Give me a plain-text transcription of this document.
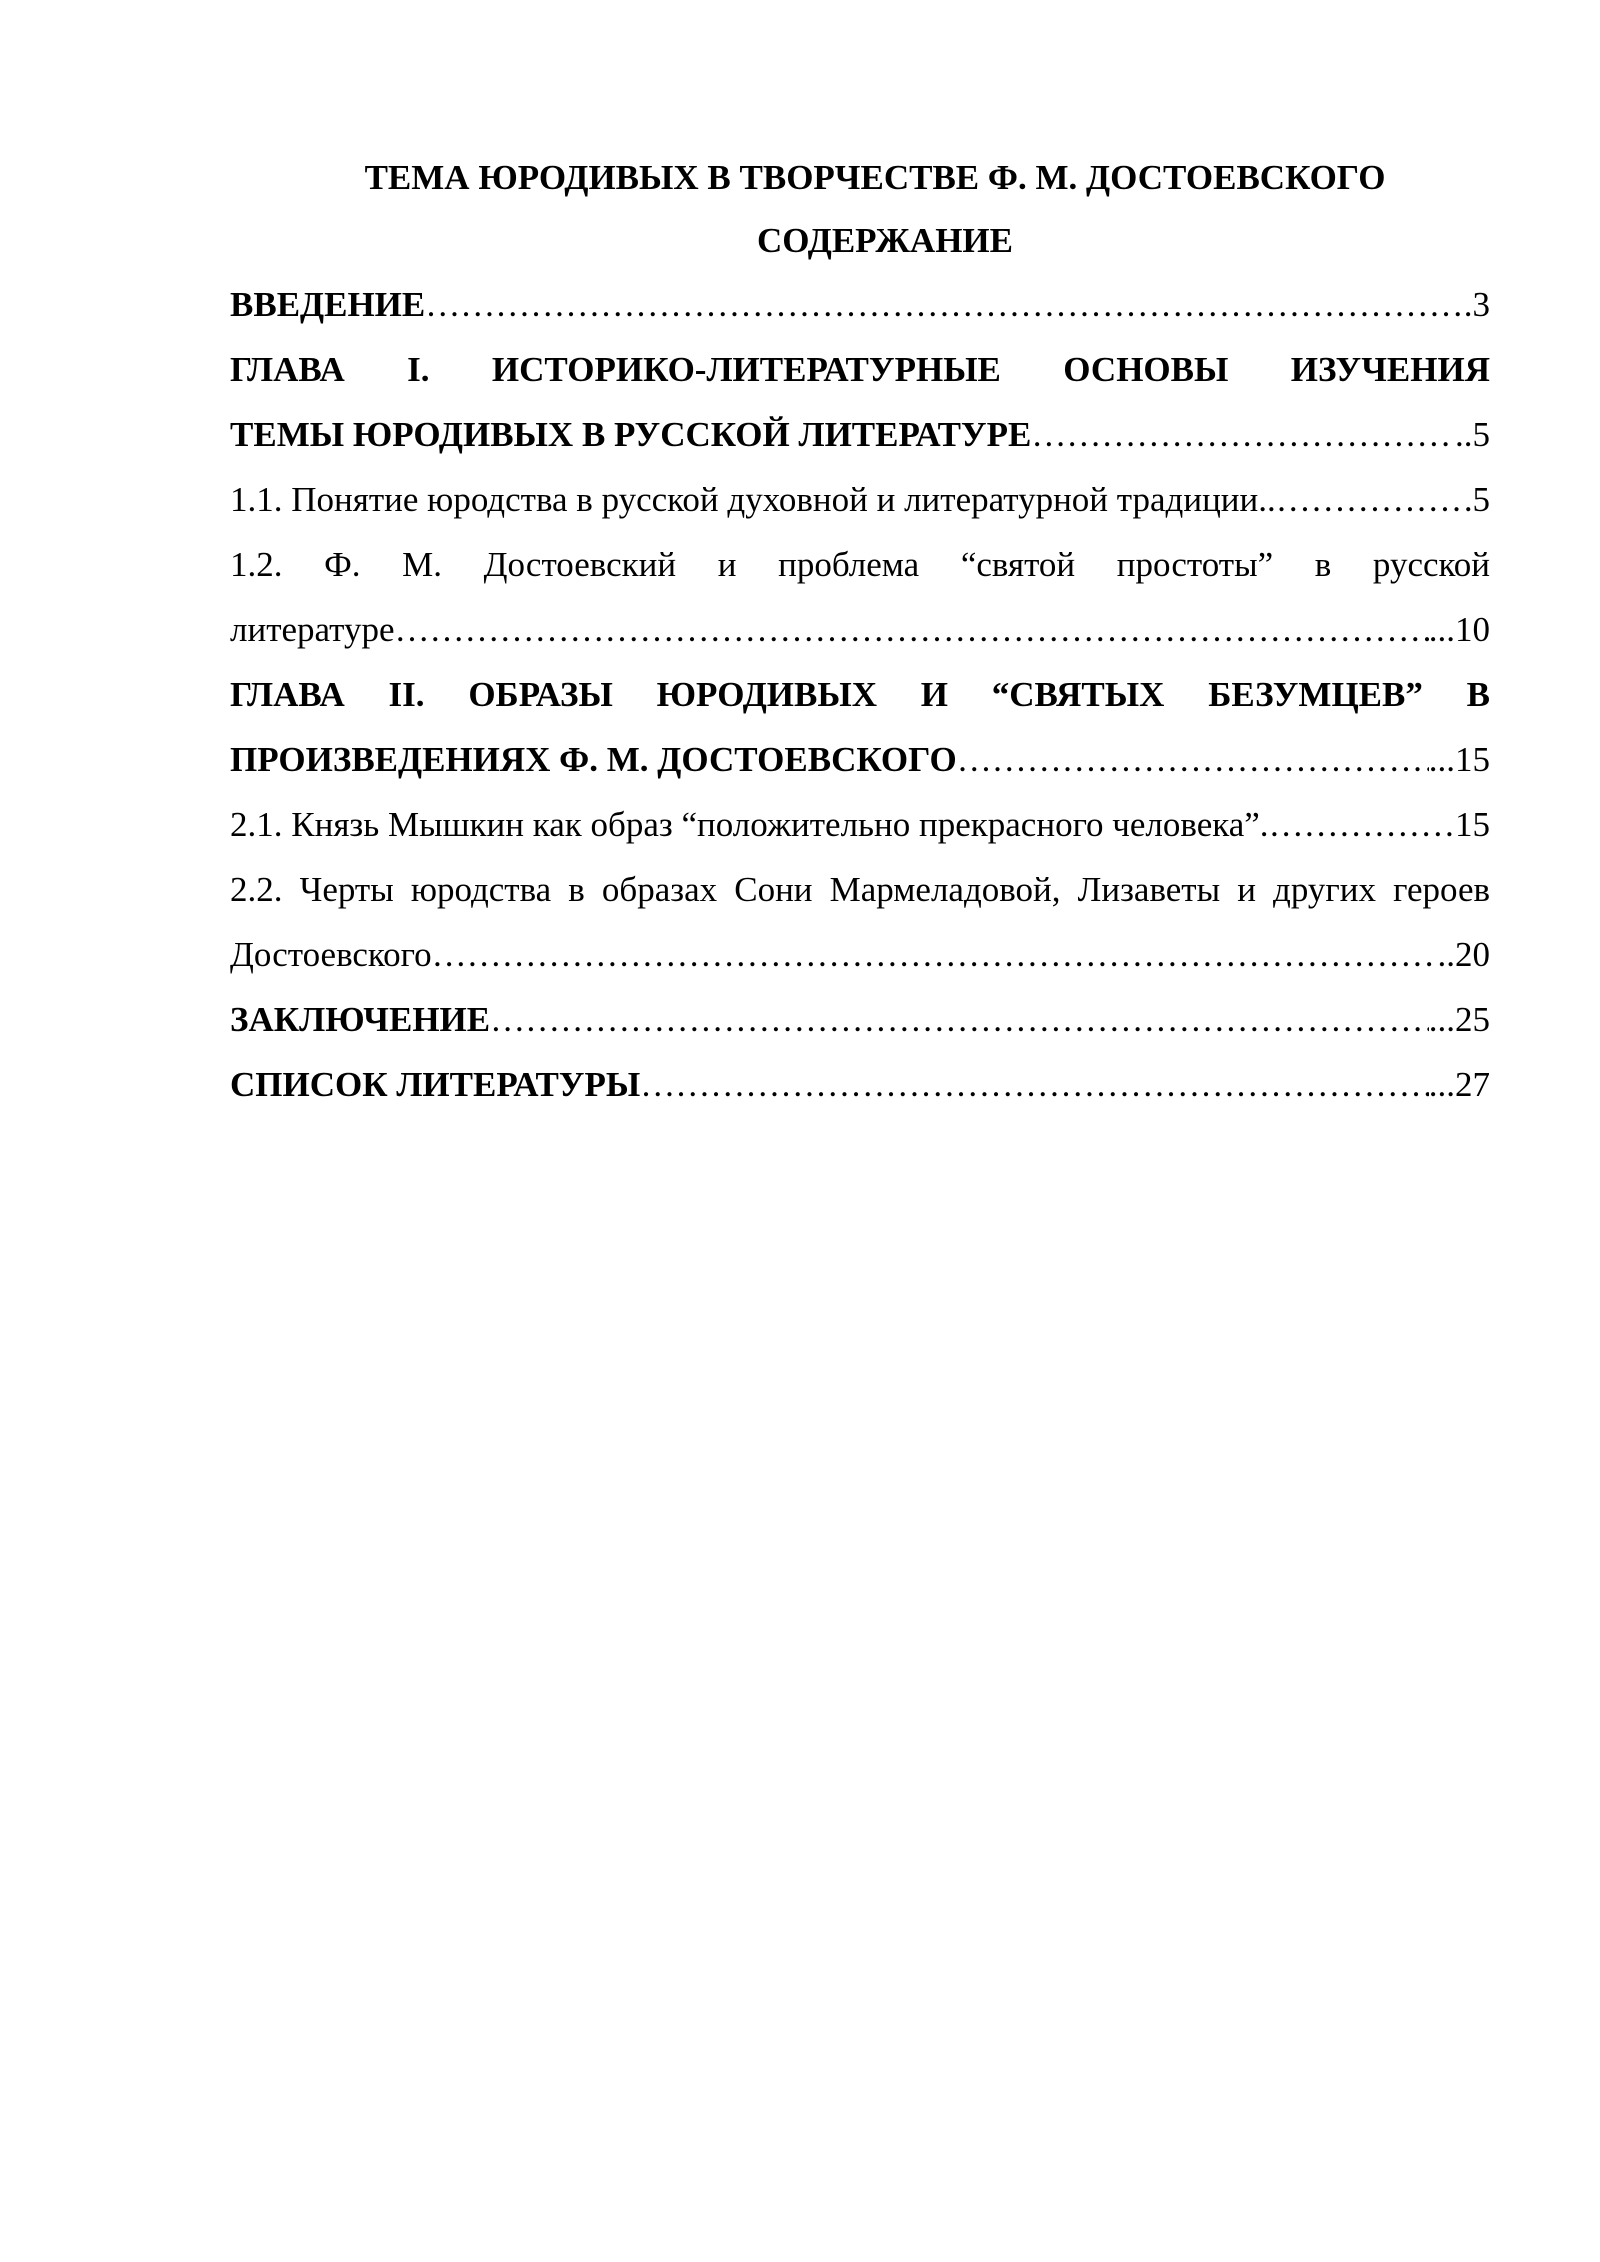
ТЕМА ЮРОДИВЫХ В ТВОРЧЕСТВЕ Ф. М. ДОСТОЕВСКОГО
СОДЕРЖАНИЕ
ВВЕДЕНИЕ ……………………………………………………………………………………………………………………………………………………	.3
ГЛАВА I. ИСТОРИКО-ЛИТЕРАТУРНЫЕ ОСНОВЫ ИЗУЧЕНИЯ
ТЕМЫ ЮРОДИВЫХ В РУССКОЙ ЛИТЕРАТУРЕ ……………………………………………………………………………………………………………………………………………………	..5
1.1. Понятие юродства в русской духовной и литературной традиции.. ……………………………………………………………………………………………………………………………………………………	5
1.2. Ф. М. Достоевский и проблема “святой простоты” в русской
литературе ……………………………………………………………………………………………………………………………………………………	...10
ГЛАВА II. ОБРАЗЫ ЮРОДИВЫХ И “СВЯТЫХ БЕЗУМЦЕВ” В
ПРОИЗВЕДЕНИЯХ Ф. М. ДОСТОЕВСКОГО ……………………………………………………………………………………………………………………………………………………	...15
2.1. Князь Мышкин как образ “положительно прекрасного человека”. ……………………………………………………………………………………………………………………………………………………	15
2.2. Черты юродства в образах Сони Мармеладовой, Лизаветы и других героев
Достоевского ……………………………………………………………………………………………………………………………………………………	..20
ЗАКЛЮЧЕНИЕ ……………………………………………………………………………………………………………………………………………………	...25
СПИСОК ЛИТЕРАТУРЫ ……………………………………………………………………………………………………………………………………………………	...27
